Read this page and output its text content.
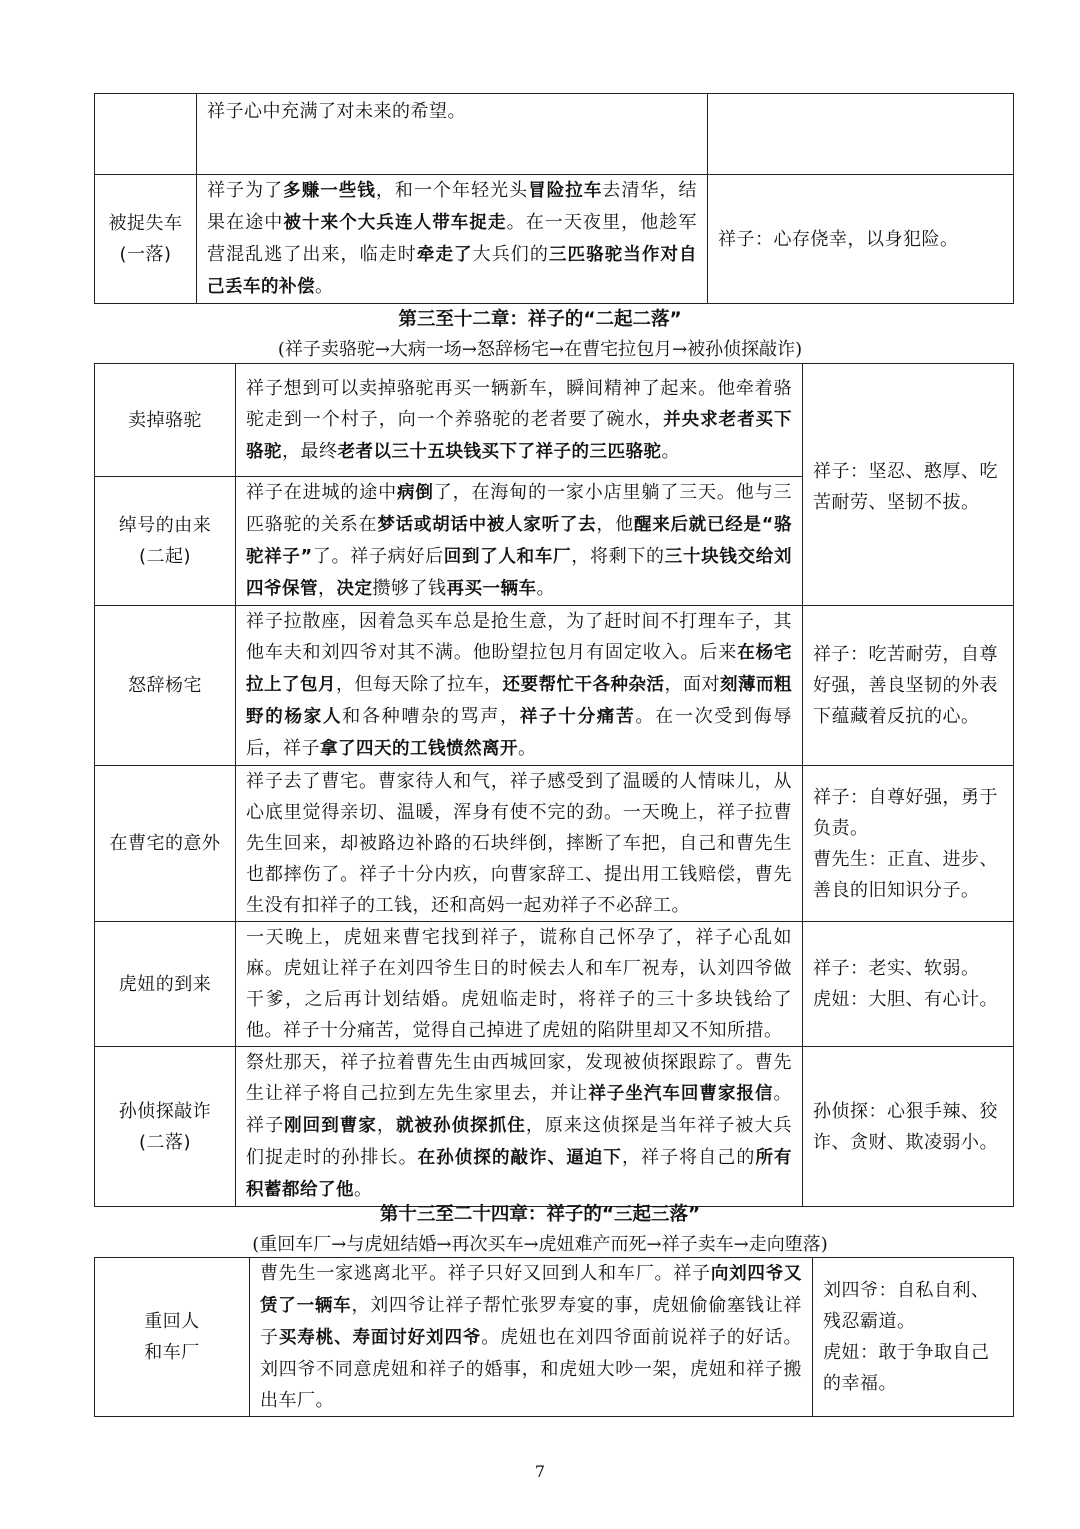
	祥子心中充满了对未来的希望。	
被捉失车
(一落)	祥子为了多赚一些钱，和一个年轻光头冒险拉车去清华，结果在途中被十来个大兵连人带车捉走。在一天夜里，他趁军营混乱逃了出来，临走时牵走了大兵们的三匹骆驼当作对自己丢车的补偿。	祥子：心存侥幸，以身犯险。
第三至十二章：祥子的“二起二落”
(祥子卖骆驼→大病一场→怒辞杨宅→在曹宅拉包月→被孙侦探敲诈)
卖掉骆驼	祥子想到可以卖掉骆驼再买一辆新车，瞬间精神了起来。他牵着骆驼走到一个村子，向一个养骆驼的老者要了碗水，并央求老者买下骆驼，最终老者以三十五块钱买下了祥子的三匹骆驼。	祥子：坚忍、憨厚、吃苦耐劳、坚韧不拔。

绰号的由来
(二起)	祥子在进城的途中病倒了，在海甸的一家小店里躺了三天。他与三匹骆驼的关系在梦话或胡话中被人家听了去，他醒来后就已经是“骆驼祥子”了。祥子病好后回到了人和车厂，将剩下的三十块钱交给刘四爷保管，决定攒够了钱再买一辆车。	
怒辞杨宅	祥子拉散座，因着急买车总是抢生意，为了赶时间不打理车子，其他车夫和刘四爷对其不满。他盼望拉包月有固定收入。后来在杨宅拉上了包月，但每天除了拉车，还要帮忙干各种杂活，面对刻薄而粗野的杨家人和各种嘈杂的骂声，祥子十分痛苦。在一次受到侮辱后，祥子拿了四天的工钱愤然离开。	祥子：吃苦耐劳，自尊好强，善良坚韧的外表下蕴藏着反抗的心。

在曹宅的意外	祥子去了曹宅。曹家待人和气，祥子感受到了温暖的人情味儿，从心底里觉得亲切、温暖，浑身有使不完的劲。一天晚上，祥子拉曹先生回来，却被路边补路的石块绊倒，摔断了车把，自己和曹先生也都摔伤了。祥子十分内疚，向曹家辞工、提出用工钱赔偿，曹先生没有扣祥子的工钱，还和高妈一起劝祥子不必辞工。	祥子：自尊好强，勇于负责。
曹先生：正直、进步、善良的旧知识分子。

虎妞的到来	一天晚上，虎妞来曹宅找到祥子，谎称自己怀孕了，祥子心乱如麻。虎妞让祥子在刘四爷生日的时候去人和车厂祝寿，认刘四爷做干爹，之后再计划结婚。虎妞临走时，将祥子的三十多块钱给了他。祥子十分痛苦，觉得自己掉进了虎妞的陷阱里却又不知所措。	祥子：老实、软弱。
虎妞：大胆、有心计。

孙侦探敲诈
(二落)	祭灶那天，祥子拉着曹先生由西城回家，发现被侦探跟踪了。曹先生让祥子将自己拉到左先生家里去，并让祥子坐汽车回曹家报信。祥子刚回到曹家，就被孙侦探抓住，原来这侦探是当年祥子被大兵们捉走时的孙排长。在孙侦探的敲诈、逼迫下，祥子将自己的所有积蓄都给了他。	孙侦探：心狠手辣、狡诈、贪财、欺凌弱小。
第十三至二十四章：祥子的“三起三落”
(重回车厂→与虎妞结婚→再次买车→虎妞难产而死→祥子卖车→走向堕落)
重回人
和车厂	曹先生一家逃离北平。祥子只好又回到人和车厂。祥子向刘四爷又赁了一辆车，刘四爷让祥子帮忙张罗寿宴的事，虎妞偷偷塞钱让祥子买寿桃、寿面讨好刘四爷。虎妞也在刘四爷面前说祥子的好话。刘四爷不同意虎妞和祥子的婚事，和虎妞大吵一架，虎妞和祥子搬出车厂。	
刘四爷：自私自利、残忍霸道。
虎妞：敢于争取自己的幸福。
7
